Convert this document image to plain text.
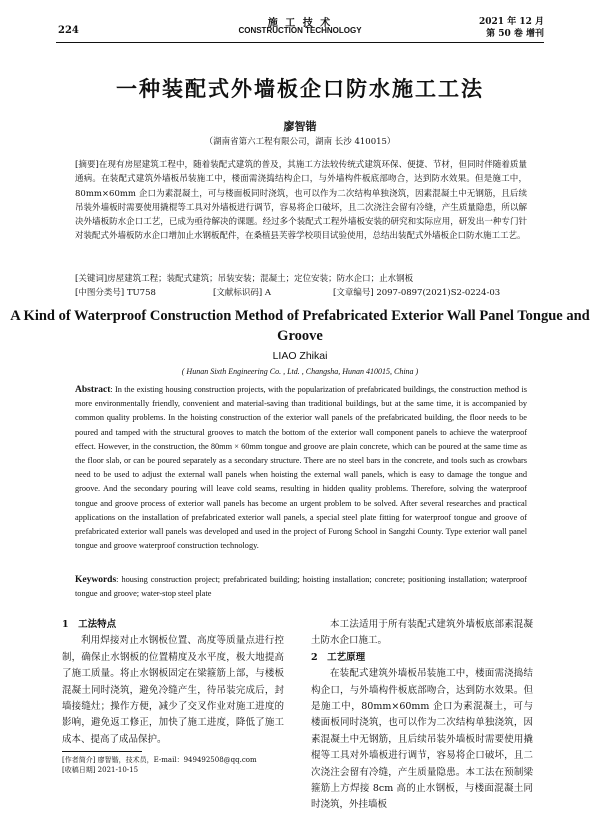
224
施 工 技 术
CONSTRUCTION TECHNOLOGY
2021 年 12 月
第 50 卷 增刊
一种装配式外墙板企口防水施工工法
廖智锴
（湖南省第六工程有限公司，湖南 长沙 410015）

[摘要]在现有房屋建筑工程中，随着装配式建筑的普及，其施工方法较传统式建筑环保、便捷、节材，但同时伴随着质量通病。在装配式建筑外墙板吊装施工中，楼面需浇捣结构企口，与外墙构件板底部吻合，达到防水效果。但是施工中，80mm×60mm 企口为素混凝土，可与楼面板同时浇筑，也可以作为二次结构单独浇筑，因素混凝土中无钢筋，且后续吊装外墙板时需要使用撬棍等工具对外墙板进行调节，容易将企口破坏，且二次浇注会留有冷缝，产生质量隐患，所以解决外墙板防水企口工艺，已成为亟待解决的课题。经过多个装配式工程外墙板安装的研究和实际应用，研发出一种专门针对装配式外墙板防水企口增加止水钢板配件，在桑植县芙蓉学校项目试验使用，总结出装配式外墙板企口防水施工工艺。

[关键词]房屋建筑工程；装配式建筑；吊装安装；混凝土；定位安装；防水企口；止水钢板

[中图分类号] TU758	[文献标识码] A	[文章编号] 2097-0897(2021)S2-0224-03
A Kind of Waterproof Construction Method of Prefabricated Exterior Wall Panel Tongue and Groove
LIAO Zhikai
( Hunan Sixth Engineering Co. , Ltd. , Changsha, Hunan 410015, China )

Abstract: In the existing housing construction projects, with the popularization of prefabricated buildings, the construction method is more environmentally friendly, convenient and material-saving than traditional buildings, but at the same time, it is accompanied by common quality problems. In the hoisting construction of the exterior wall panels of the prefabricated building, the floor needs to be poured and tamped with the structural grooves to match the bottom of the exterior wall component panels to achieve the waterproof effect. However, in the construction, the 80mm × 60mm tongue and groove are plain concrete, which can be poured at the same time as the floor slab, or can be poured separately as a secondary structure. There are no steel bars in the concrete, and tools such as crowbars need to be used to adjust the external wall panels when hoisting the external wall panels, which is easy to damage the tongue and groove. And the secondary pouring will leave cold seams, resulting in hidden quality problems. Therefore, solving the waterproof tongue and groove process of exterior wall panels has become an urgent problem to be solved. After several researches and practical applications on the installation of prefabricated exterior wall panels, a special steel plate fitting for waterproof tongue and groove of prefabricated exterior wall panels was developed and used in the project of Furong School in Sangzhi County. Type exterior wall panel tongue and groove waterproof construction technology.

Keywords: housing construction project; prefabricated building; hoisting installation; concrete; positioning installation; waterproof tongue and groove; water-stop steel plate

1　工法特点

利用焊接对止水钢板位置、高度等质量点进行控制，确保止水钢板的位置精度及水平度，极大地提高了施工质量。将止水钢板固定在梁箍筋上部，与楼板混凝土同时浇筑，避免冷缝产生，待吊装完成后，封墙接缝灶；操作方便，减少了交叉作业对施工进度的影响，避免返工修正，加快了施工进度，降低了施工成本、提高了成品保护。

本工法适用于所有装配式建筑外墙板底部素混凝土防水企口施工。

2　工艺原理

在装配式建筑外墙板吊装施工中，楼面需浇捣结构企口，与外墙构件板底部吻合，达到防水效果。但是施工中，80mm×60mm 企口为素混凝土，可与楼面板同时浇筑，也可以作为二次结构单独浇筑，因素混凝土中无钢筋，且后续吊装外墙板时需要使用撬棍等工具对外墙板进行调节，容易将企口破坏，且二次浇注会留有冷缝，产生质量隐患。本工法在预制梁箍筋上方焊接 8cm 高的止水钢板，与楼面混凝土同时浇筑，外挂墙板

[作者简介] 廖智锴，技术员，E-mail：949492508@qq.com
[收稿日期] 2021-10-15
